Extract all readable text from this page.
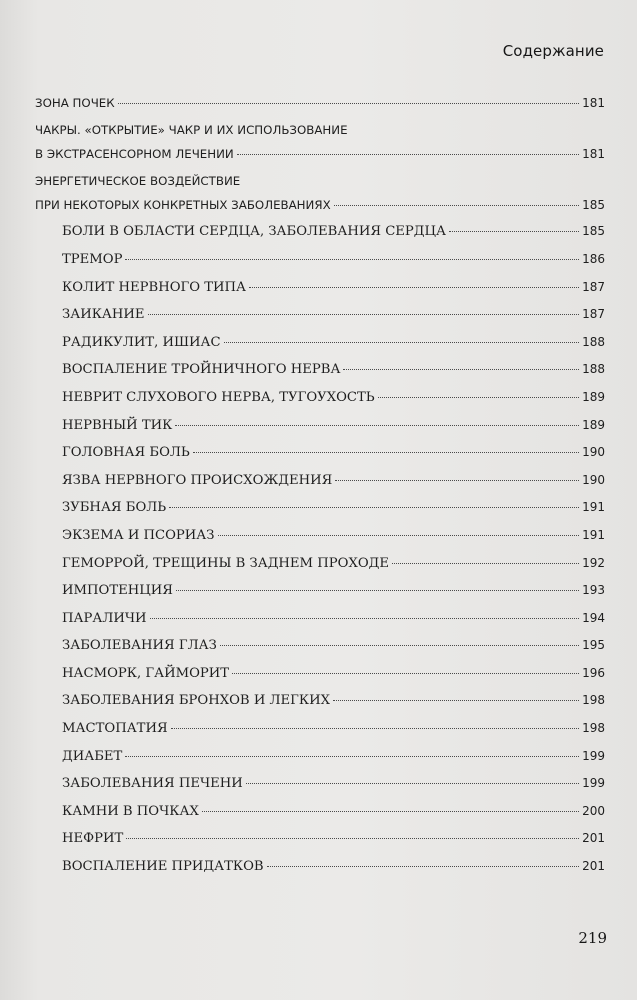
Содержание
ЗОНА ПОЧЕК	181
ЧАКРЫ. «ОТКРЫТИЕ» ЧАКР И ИХ ИСПОЛЬЗОВАНИЕ
В ЭКСТРАСЕНСОРНОМ ЛЕЧЕНИИ	181
ЭНЕРГЕТИЧЕСКОЕ ВОЗДЕЙСТВИЕ
ПРИ НЕКОТОРЫХ КОНКРЕТНЫХ ЗАБОЛЕВАНИЯХ	185
БОЛИ В ОБЛАСТИ СЕРДЦА, ЗАБОЛЕВАНИЯ СЕРДЦА	185
ТРЕМОР	186
КОЛИТ НЕРВНОГО ТИПА	187
ЗАИКАНИЕ	187
РАДИКУЛИТ, ИШИАС	188
ВОСПАЛЕНИЕ ТРОЙНИЧНОГО НЕРВА	188
НЕВРИТ СЛУХОВОГО НЕРВА, ТУГОУХОСТЬ	189
НЕРВНЫЙ ТИК	189
ГОЛОВНАЯ БОЛЬ	190
ЯЗВА НЕРВНОГО ПРОИСХОЖДЕНИЯ	190
ЗУБНАЯ БОЛЬ	191
ЭКЗЕМА И ПСОРИАЗ	191
ГЕМОРРОЙ, ТРЕЩИНЫ В ЗАДНЕМ ПРОХОДЕ	192
ИМПОТЕНЦИЯ	193
ПАРАЛИЧИ	194
ЗАБОЛЕВАНИЯ ГЛАЗ	195
НАСМОРК, ГАЙМОРИТ	196
ЗАБОЛЕВАНИЯ БРОНХОВ И ЛЕГКИХ	198
МАСТОПАТИЯ	198
ДИАБЕТ	199
ЗАБОЛЕВАНИЯ ПЕЧЕНИ	199
КАМНИ В ПОЧКАХ	200
НЕФРИТ	201
ВОСПАЛЕНИЕ ПРИДАТКОВ	201
219
